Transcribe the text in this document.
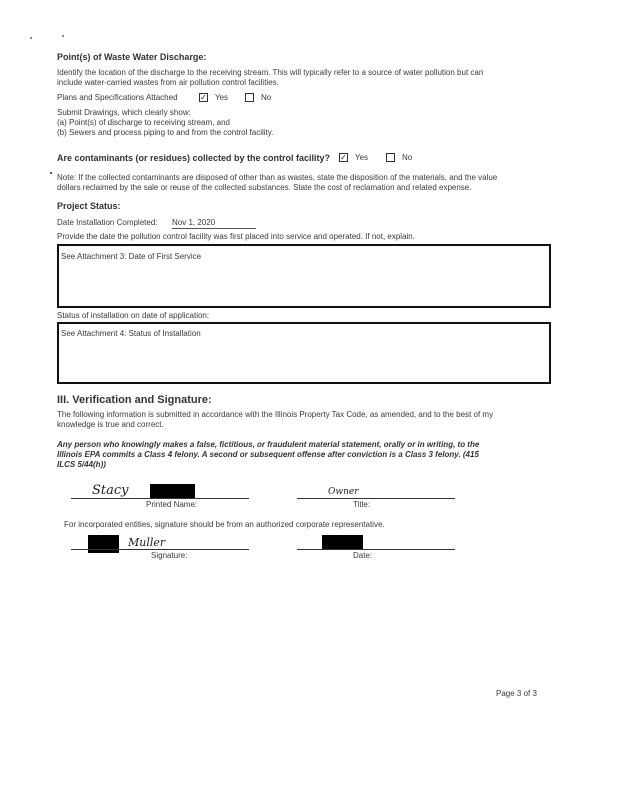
Point(s) of Waste Water Discharge:
Identify the location of the discharge to the receiving stream. This will typically refer to a source of water pollution but can
include water-carried wastes from air pollution control facilities.
Plans and Specifications Attached	✓ Yes	No
Submit Drawings, which clearly show:
(a) Point(s) of discharge to receiving stream, and
(b) Sewers and process piping to and from the control facility.
Are contaminants (or residues) collected by the control facility? ✓ Yes	No
Note: If the collected contaminants are disposed of other than as wastes, state the disposition of the materials, and the value
dollars reclaimed by the sale or reuse of the collected substances. State the cost of reclamation and related expense.
Project Status:
Date Installation Completed: Nov 1, 2020
Provide the date the pollution control facility was first placed into service and operated. If not, explain.
See Attachment 3: Date of First Service
Status of installation on date of application:
See Attachment 4: Status of Installation
III. Verification and Signature:
The following information is submitted in accordance with the Illinois Property Tax Code, as amended, and to the best of my
knowledge is true and correct.
Any person who knowingly makes a false, fictitious, or fraudulent material statement, orally or in writing, to the
Illinois EPA commits a Class 4 felony. A second or subsequent offense after conviction is a Class 3 felony. (415
ILCS 5/44(h))
Stacy
Printed Name:
Owner
Title:
For incorporated entities, signature should be from an authorized corporate representative.
Muller
Signature:	Date:
Page 3 of 3
